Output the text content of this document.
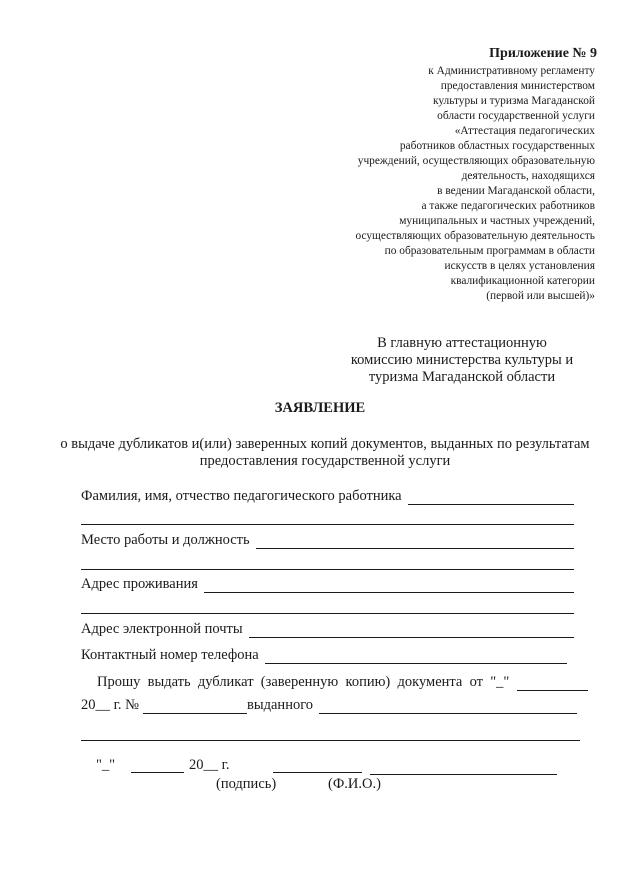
Приложение № 9
к Административному регламенту
предоставления министерством
культуры и туризма Магаданской
области государственной услуги
«Аттестация педагогических
работников областных государственных
учреждений, осуществляющих образовательную
деятельность, находящихся
в ведении Магаданской области,
а также педагогических работников
муниципальных и частных учреждений,
осуществляющих образовательную деятельность
по образовательным программам в области
искусств в целях установления
квалификационной категории
(первой или высшей)»
В главную аттестационную
комиссию министерства культуры и
туризма Магаданской области
ЗАЯВЛЕНИЕ
о выдаче дубликатов и(или) заверенных копий документов, выданных по результатам предоставления государственной услуги
Фамилия, имя, отчество педагогического работника
Место работы и должность
Адрес проживания
Адрес электронной почты
Контактный номер телефона
Прошу  выдать  дубликат  (заверенную  копию)  документа  от  "_"
20__ г. №	выданного
"_"	20__ г.
(подпись)	(Ф.И.О.)
